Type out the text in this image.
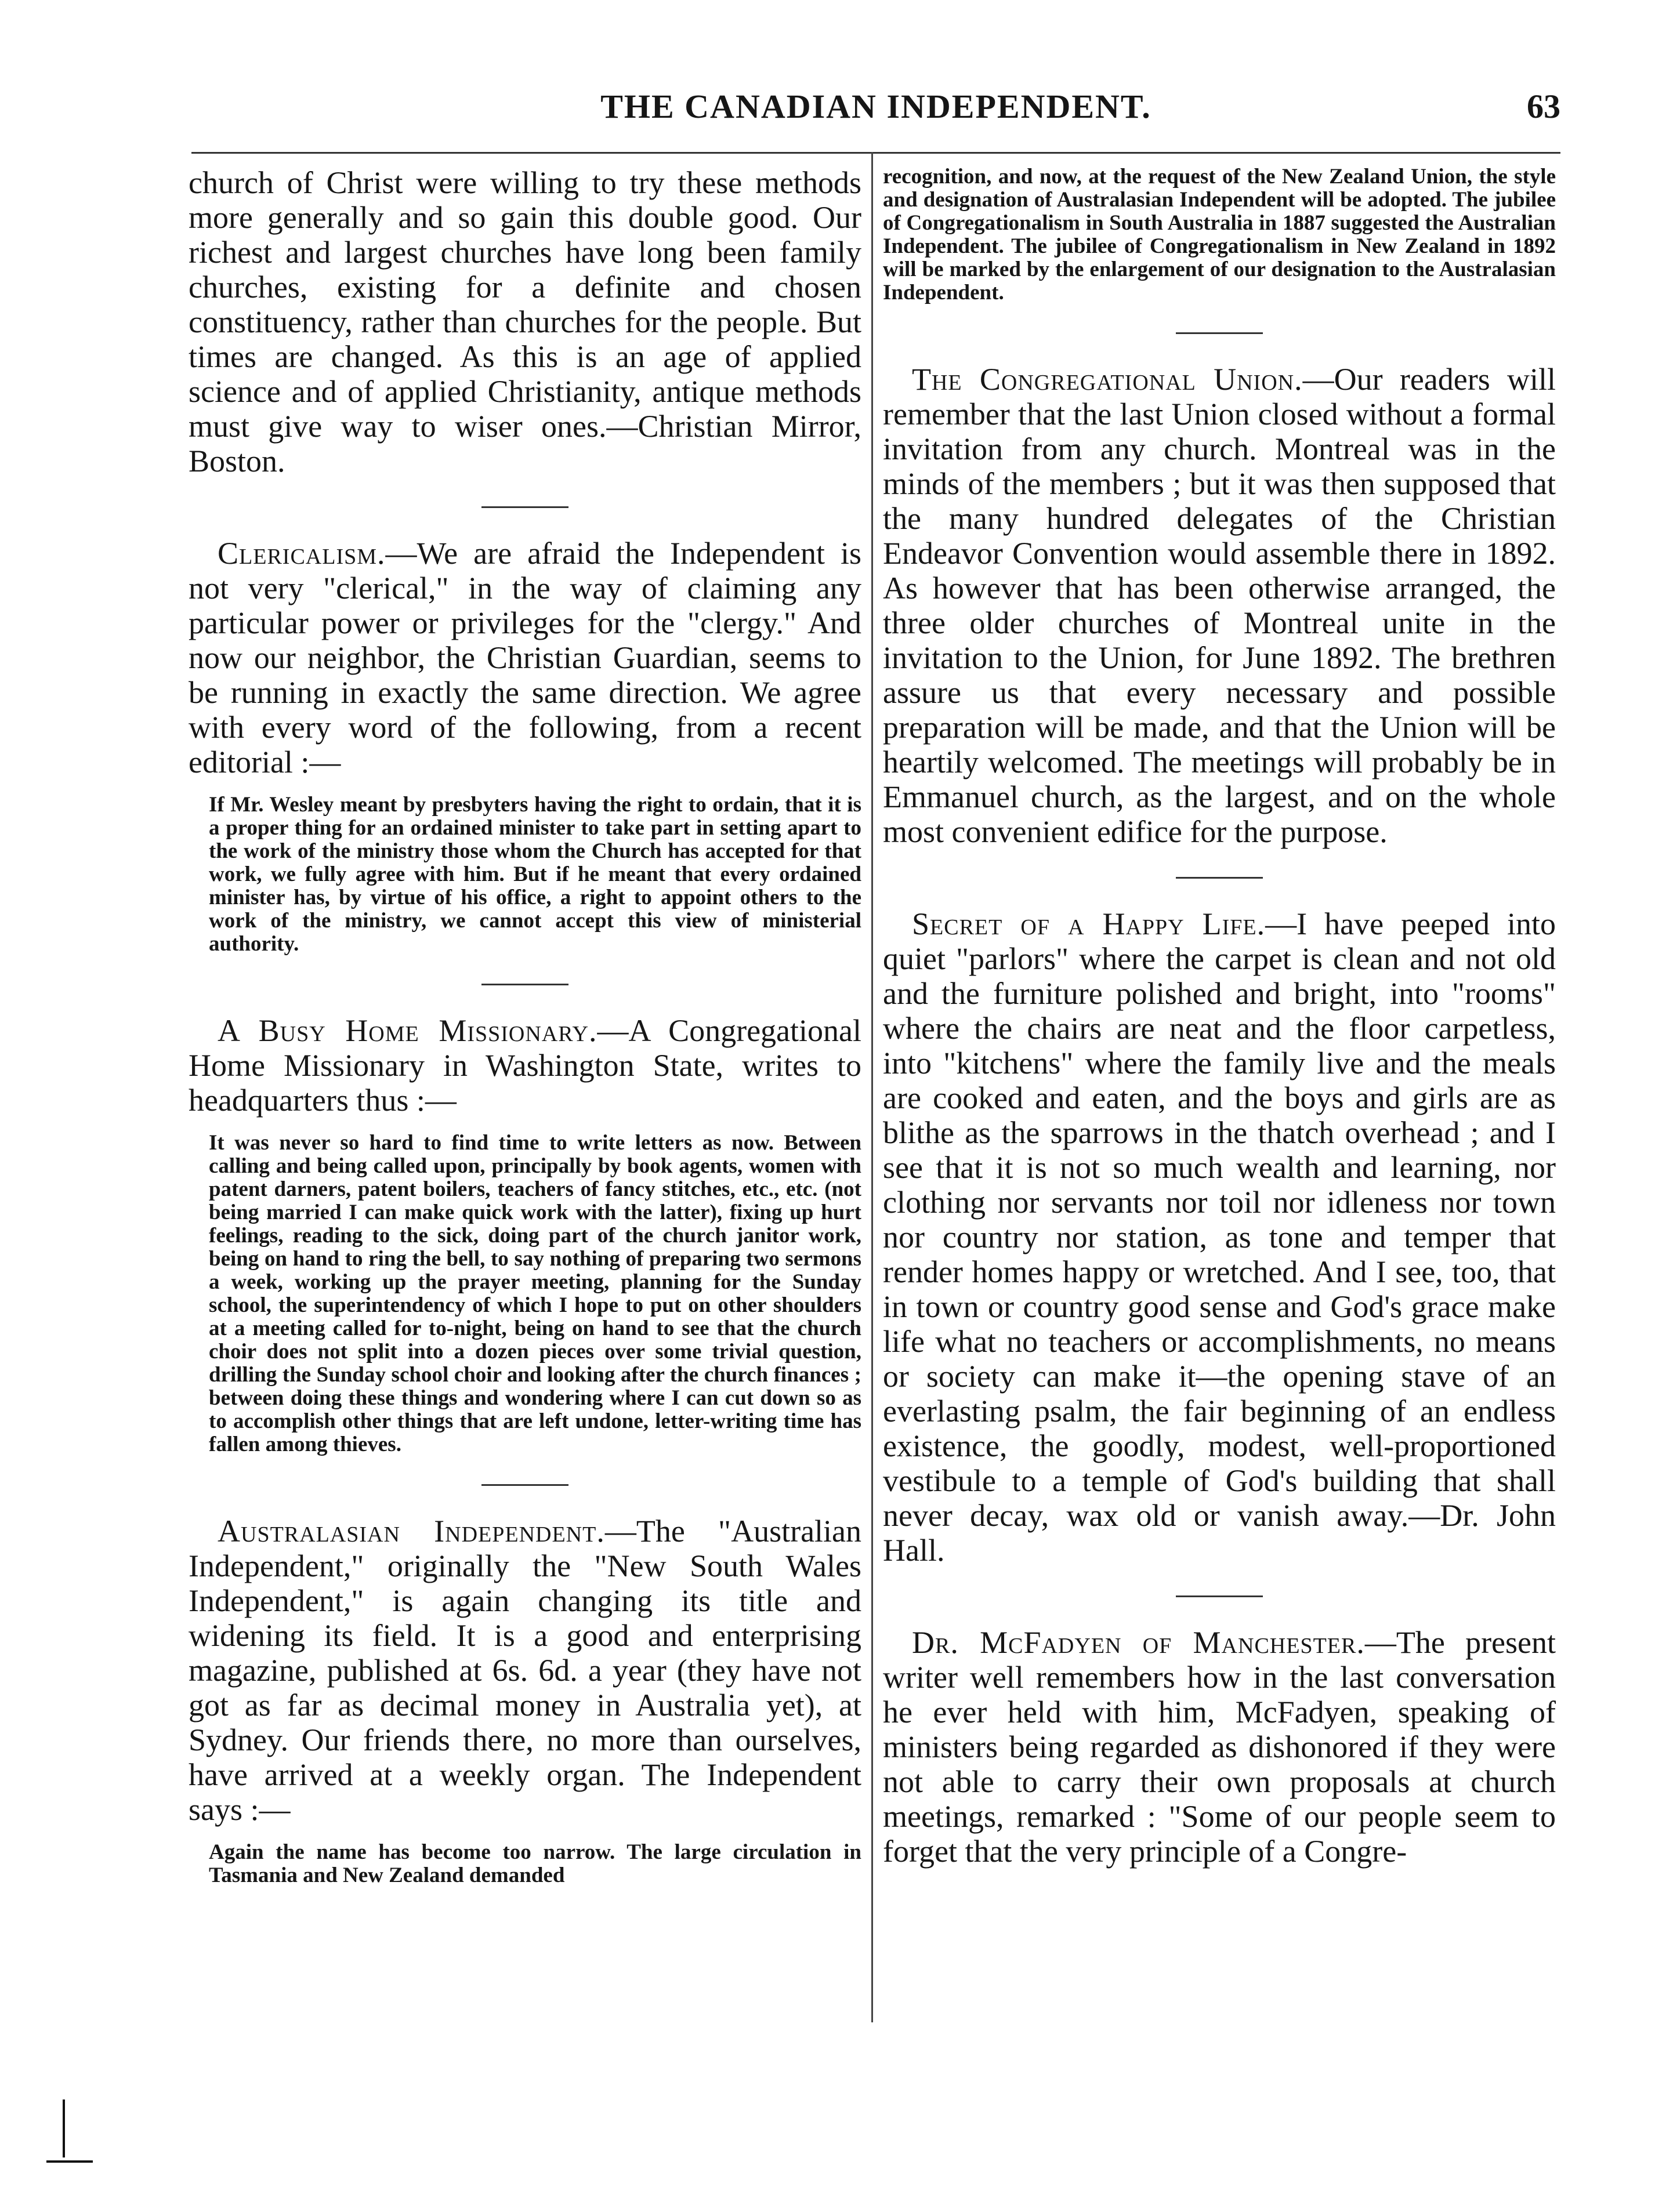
THE CANADIAN INDEPENDENT.	63

church of Christ were willing to try these methods more generally and so gain this double good. Our richest and largest churches have long been family churches, existing for a definite and chosen constituency, rather than churches for the people. But times are changed. As this is an age of applied science and of applied Christianity, antique methods must give way to wiser ones.—Christian Mirror, Boston.

Clericalism.—We are afraid the Independent is not very "clerical," in the way of claiming any particular power or privileges for the "clergy." And now our neighbor, the Christian Guardian, seems to be running in exactly the same direction. We agree with every word of the following, from a recent editorial :—

If Mr. Wesley meant by presbyters having the right to ordain, that it is a proper thing for an ordained minister to take part in setting apart to the work of the ministry those whom the Church has accepted for that work, we fully agree with him. But if he meant that every ordained minister has, by virtue of his office, a right to appoint others to the work of the ministry, we cannot accept this view of ministerial authority.

A Busy Home Missionary.—A Congregational Home Missionary in Washington State, writes to headquarters thus :—

It was never so hard to find time to write letters as now. Between calling and being called upon, principally by book agents, women with patent darners, patent boilers, teachers of fancy stitches, etc., etc. (not being married I can make quick work with the latter), fixing up hurt feelings, reading to the sick, doing part of the church janitor work, being on hand to ring the bell, to say nothing of preparing two sermons a week, working up the prayer meeting, planning for the Sunday school, the superintendency of which I hope to put on other shoulders at a meeting called for to-night, being on hand to see that the church choir does not split into a dozen pieces over some trivial question, drilling the Sunday school choir and looking after the church finances ; between doing these things and wondering where I can cut down so as to accomplish other things that are left undone, letter-writing time has fallen among thieves.

Australasian Independent.—The "Australian Independent," originally the "New South Wales Independent," is again changing its title and widening its field. It is a good and enterprising magazine, published at 6s. 6d. a year (they have not got as far as decimal money in Australia yet), at Sydney. Our friends there, no more than ourselves, have arrived at a weekly organ. The Independent says :—

Again the name has become too narrow. The large circulation in Tasmania and New Zealand demanded

recognition, and now, at the request of the New Zealand Union, the style and designation of Australasian Independent will be adopted. The jubilee of Congregationalism in South Australia in 1887 suggested the Australian Independent. The jubilee of Congregationalism in New Zealand in 1892 will be marked by the enlargement of our designation to the Australasian Independent.

The Congregational Union.—Our readers will remember that the last Union closed without a formal invitation from any church. Montreal was in the minds of the members ; but it was then supposed that the many hundred delegates of the Christian Endeavor Convention would assemble there in 1892. As however that has been otherwise arranged, the three older churches of Montreal unite in the invitation to the Union, for June 1892. The brethren assure us that every necessary and possible preparation will be made, and that the Union will be heartily welcomed. The meetings will probably be in Emmanuel church, as the largest, and on the whole most convenient edifice for the purpose.

Secret of a Happy Life.—I have peeped into quiet "parlors" where the carpet is clean and not old and the furniture polished and bright, into "rooms" where the chairs are neat and the floor carpetless, into "kitchens" where the family live and the meals are cooked and eaten, and the boys and girls are as blithe as the sparrows in the thatch overhead ; and I see that it is not so much wealth and learning, nor clothing nor servants nor toil nor idleness nor town nor country nor station, as tone and temper that render homes happy or wretched. And I see, too, that in town or country good sense and God's grace make life what no teachers or accomplishments, no means or society can make it—the opening stave of an everlasting psalm, the fair beginning of an endless existence, the goodly, modest, well-proportioned vestibule to a temple of God's building that shall never decay, wax old or vanish away.—Dr. John Hall.

Dr. McFadyen of Manchester.—The present writer well remembers how in the last conversation he ever held with him, McFadyen, speaking of ministers being regarded as dishonored if they were not able to carry their own proposals at church meetings, remarked : "Some of our people seem to forget that the very principle of a Congre-
